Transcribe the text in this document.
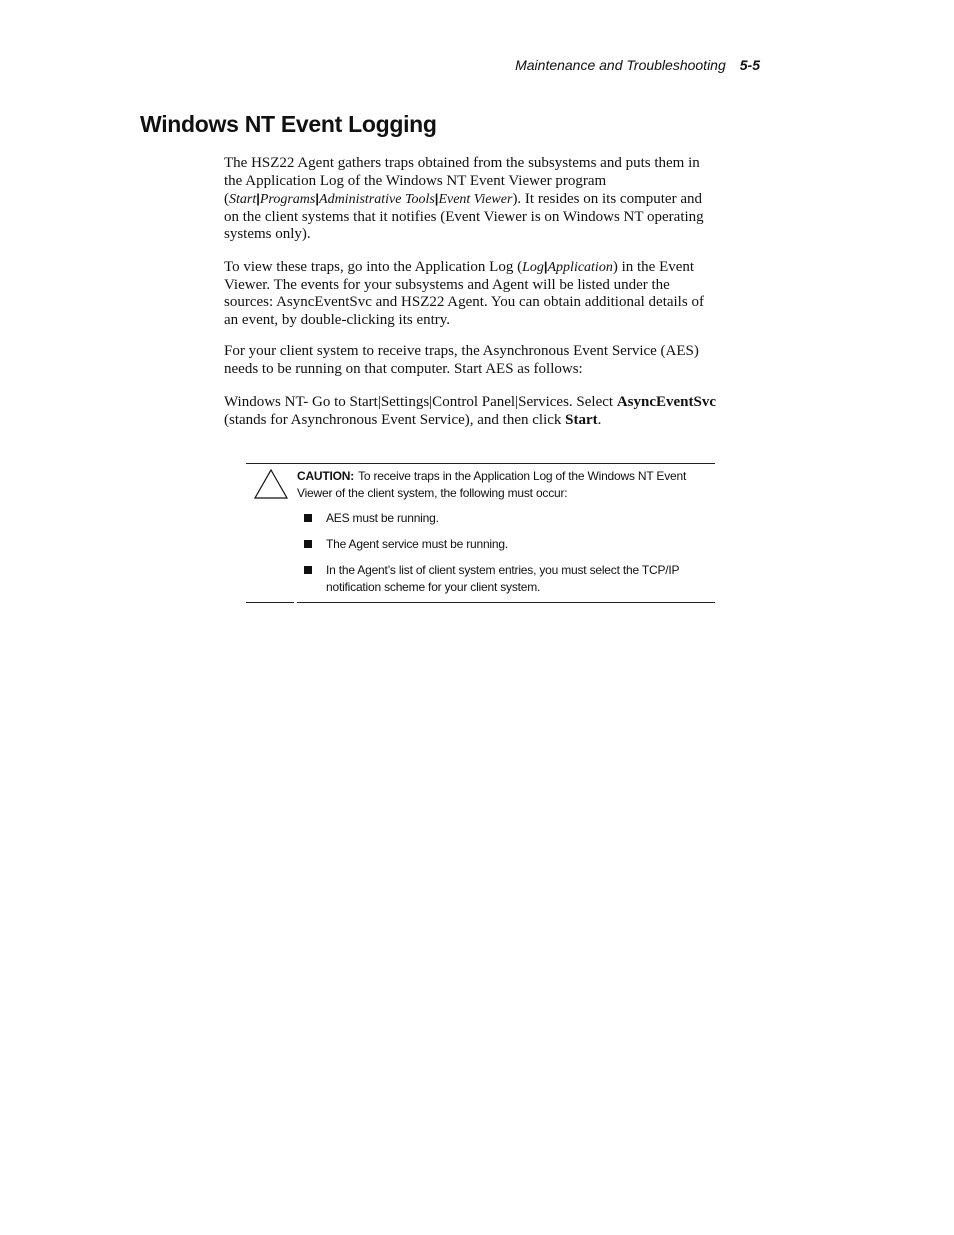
Maintenance and Troubleshooting 5-5
Windows NT Event Logging

The HSZ22 Agent gathers traps obtained from the subsystems and puts them in the Application Log of the Windows NT Event Viewer program (Start|Programs|Administrative Tools|Event Viewer). It resides on its computer and on the client systems that it notifies (Event Viewer is on Windows NT operating systems only).

To view these traps, go into the Application Log (Log|Application) in the Event Viewer. The events for your subsystems and Agent will be listed under the sources: AsyncEventSvc and HSZ22 Agent. You can obtain additional details of an event, by double-clicking its entry.

For your client system to receive traps, the Asynchronous Event Service (AES) needs to be running on that computer. Start AES as follows:

Windows NT- Go to Start|Settings|Control Panel|Services. Select AsyncEventSvc (stands for Asynchronous Event Service), and then click Start.

CAUTION: To receive traps in the Application Log of the Windows NT Event Viewer of the client system, the following must occur:

AES must be running.
The Agent service must be running.
In the Agent’s list of client system entries, you must select the TCP/IP notification scheme for your client system.
